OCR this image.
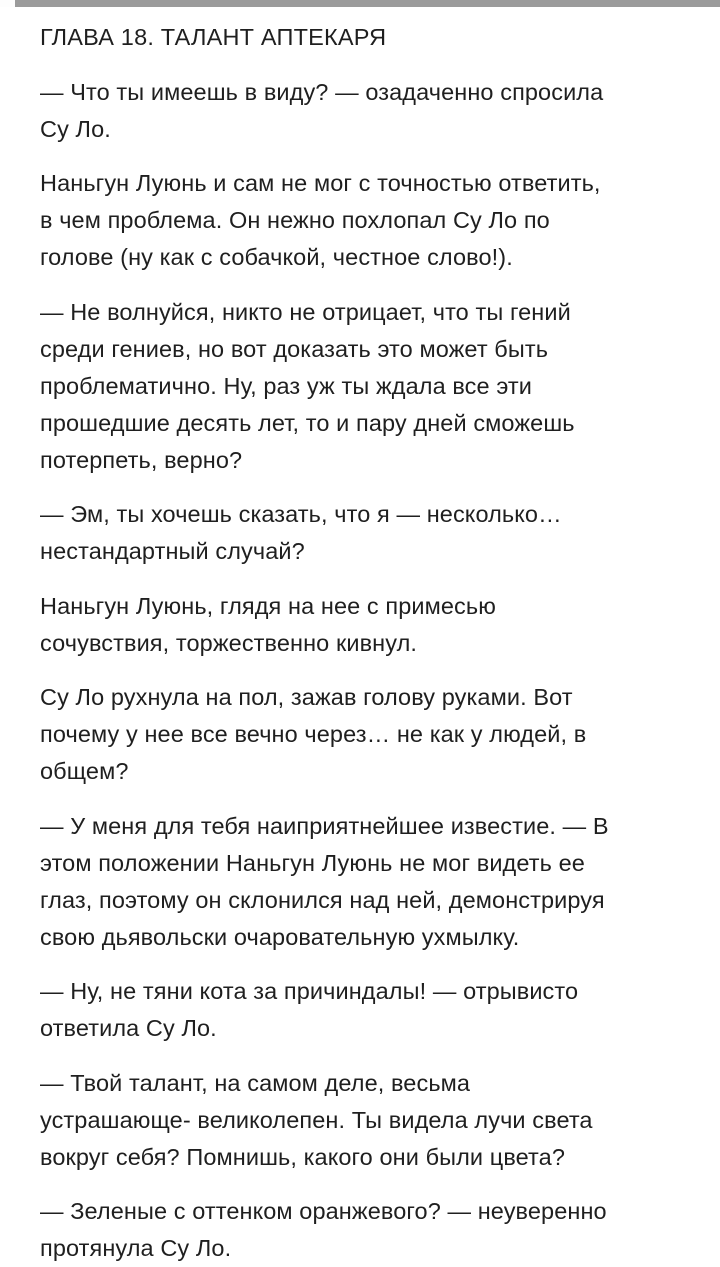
ГЛАВА 18. ТАЛАНТ АПТЕКАРЯ

— Что ты имеешь в виду? — озадаченно спросила
Су Ло.

Наньгун Луюнь и сам не мог с точностью ответить,
в чем проблема. Он нежно похлопал Су Ло по
голове (ну как с собачкой, честное слово!).

— Не волнуйся, никто не отрицает, что ты гений
среди гениев, но вот доказать это может быть
проблематично. Ну, раз уж ты ждала все эти
прошедшие десять лет, то и пару дней сможешь
потерпеть, верно?

— Эм, ты хочешь сказать, что я — несколько…
нестандартный случай?

Наньгун Луюнь, глядя на нее с примесью
сочувствия, торжественно кивнул.

Су Ло рухнула на пол, зажав голову руками. Вот
почему у нее все вечно через… не как у людей, в
общем?

— У меня для тебя наиприятнейшее известие. — В
этом положении Наньгун Луюнь не мог видеть ее
глаз, поэтому он склонился над ней, демонстрируя
свою дьявольски очаровательную ухмылку.

— Ну, не тяни кота за причиндалы! — отрывисто
ответила Су Ло.

— Твой талант, на самом деле, весьма
устрашающе- великолепен. Ты видела лучи света
вокруг себя? Помнишь, какого они были цвета?

— Зеленые с оттенком оранжевого? — неуверенно
протянула Су Ло.
